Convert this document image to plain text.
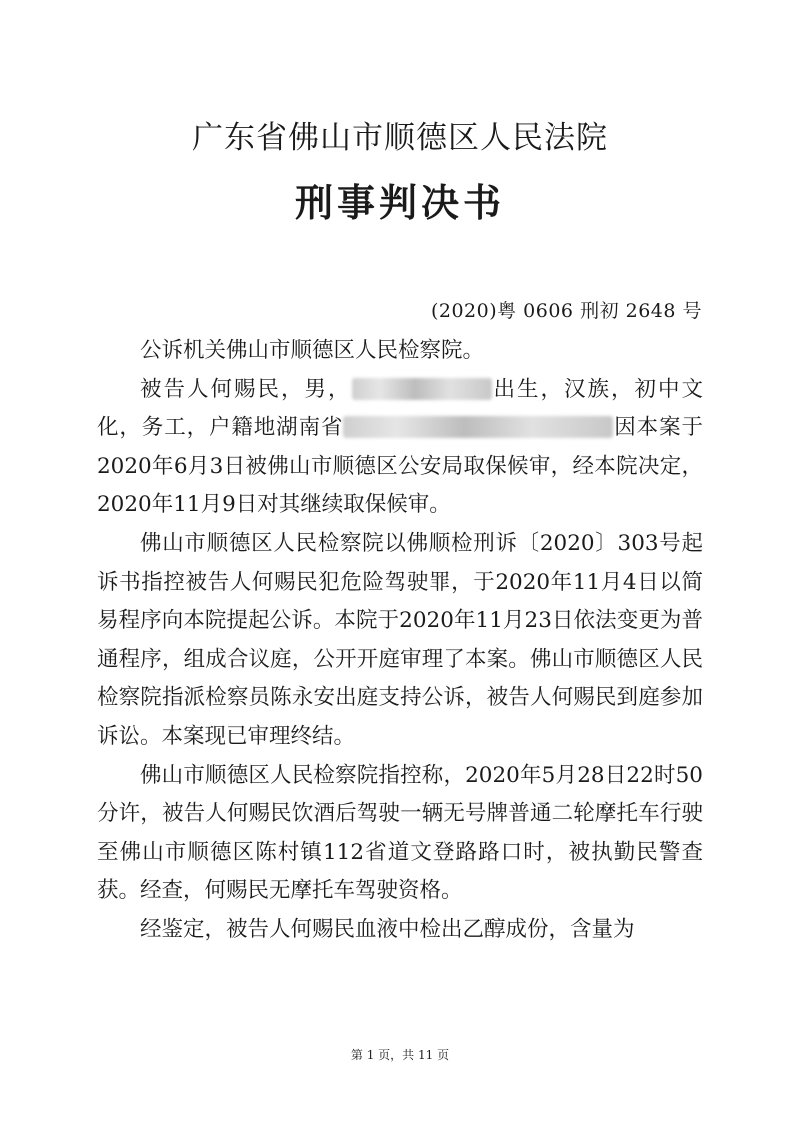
广东省佛山市顺德区人民法院
刑事判决书
(2020)粤 0606 刑初 2648 号

公诉机关佛山市顺德区人民检察院。

被告人何赐民，男，	出生，汉族，初中文化，务工，户籍地湖南省	因本案于2020年6月3日被佛山市顺德区公安局取保候审，经本院决定，2020年11月9日对其继续取保候审。

佛山市顺德区人民检察院以佛顺检刑诉〔2020〕303号起诉书指控被告人何赐民犯危险驾驶罪，于2020年11月4日以简易程序向本院提起公诉。本院于2020年11月23日依法变更为普通程序，组成合议庭，公开开庭审理了本案。佛山市顺德区人民检察院指派检察员陈永安出庭支持公诉，被告人何赐民到庭参加诉讼。本案现已审理终结。

佛山市顺德区人民检察院指控称，2020年5月28日22时50分许，被告人何赐民饮酒后驾驶一辆无号牌普通二轮摩托车行驶至佛山市顺德区陈村镇112省道文登路路口时，被执勤民警查获。经查，何赐民无摩托车驾驶资格。

经鉴定，被告人何赐民血液中检出乙醇成份，含量为

第 1 页，共 11 页
